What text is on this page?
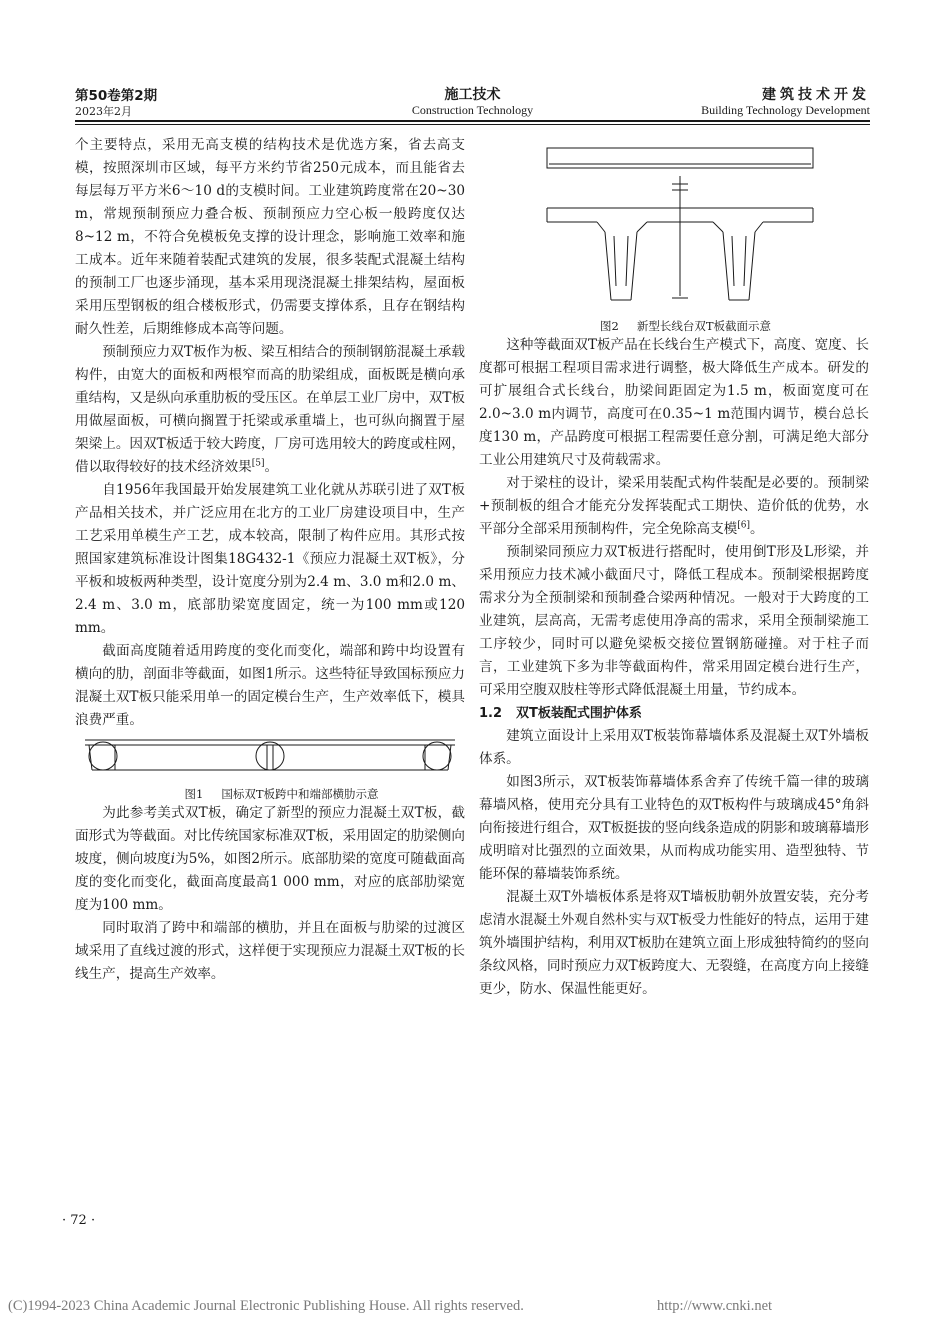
第50卷第2期
2023年2月
施工技术
Construction Technology
建筑技术开发
Building Technology Development

个主要特点，采用无高支模的结构技术是优选方案，省去高支模，按照深圳市区域，每平方米约节省250元成本，而且能省去每层每万平方米6～10 d的支模时间。工业建筑跨度常在20~30 m，常规预制预应力叠合板、预制预应力空心板一般跨度仅达8~12 m，不符合免模板免支撑的设计理念，影响施工效率和施工成本。近年来随着装配式建筑的发展，很多装配式混凝土结构的预制工厂也逐步涌现，基本采用现浇混凝土排架结构，屋面板采用压型钢板的组合楼板形式，仍需要支撑体系，且存在钢结构耐久性差，后期维修成本高等问题。

预制预应力双T板作为板、梁互相结合的预制钢筋混凝土承载构件，由宽大的面板和两根窄而高的肋梁组成，面板既是横向承重结构，又是纵向承重肋板的受压区。在单层工业厂房中，双T板用做屋面板，可横向搁置于托梁或承重墙上，也可纵向搁置于屋架梁上。因双T板适于较大跨度，厂房可选用较大的跨度或柱网，借以取得较好的技术经济效果[5]。

自1956年我国最开始发展建筑工业化就从苏联引进了双T板产品相关技术，并广泛应用在北方的工业厂房建设项目中，生产工艺采用单模生产工艺，成本较高，限制了构件应用。其形式按照国家建筑标准设计图集18G432-1《预应力混凝土双T板》，分平板和坡板两种类型，设计宽度分别为2.4 m、3.0 m和2.0 m、2.4 m、3.0 m，底部肋梁宽度固定，统一为100 mm或120 mm。

截面高度随着适用跨度的变化而变化，端部和跨中均设置有横向的肋，剖面非等截面，如图1所示。这些特征导致国标预应力混凝土双T板只能采用单一的固定模台生产，生产效率低下，模具浪费严重。

图1 国标双T板跨中和端部横肋示意

为此参考美式双T板，确定了新型的预应力混凝土双T板，截面形式为等截面。对比传统国家标准双T板，采用固定的肋梁侧向坡度，侧向坡度i为5%，如图2所示。底部肋梁的宽度可随截面高度的变化而变化，截面高度最高1 000 mm，对应的底部肋梁宽度为100 mm。

同时取消了跨中和端部的横肋，并且在面板与肋梁的过渡区域采用了直线过渡的形式，这样便于实现预应力混凝土双T板的长线生产，提高生产效率。

图2 新型长线台双T板截面示意

这种等截面双T板产品在长线台生产模式下，高度、宽度、长度都可根据工程项目需求进行调整，极大降低生产成本。研发的可扩展组合式长线台，肋梁间距固定为1.5 m，板面宽度可在2.0~3.0 m内调节，高度可在0.35~1 m范围内调节，模台总长度130 m，产品跨度可根据工程需要任意分割，可满足绝大部分工业公用建筑尺寸及荷载需求。

对于梁柱的设计，梁采用装配式构件装配是必要的。预制梁+预制板的组合才能充分发挥装配式工期快、造价低的优势，水平部分全部采用预制构件，完全免除高支模[6]。

预制梁同预应力双T板进行搭配时，使用倒T形及L形梁，并采用预应力技术减小截面尺寸，降低工程成本。预制梁根据跨度需求分为全预制梁和预制叠合梁两种情况。一般对于大跨度的工业建筑，层高高，无需考虑使用净高的需求，采用全预制梁施工工序较少，同时可以避免梁板交接位置钢筋碰撞。对于柱子而言，工业建筑下多为非等截面构件，常采用固定模台进行生产，可采用空腹双肢柱等形式降低混凝土用量，节约成本。

1.2 双T板装配式围护体系

建筑立面设计上采用双T板装饰幕墙体系及混凝土双T外墙板体系。

如图3所示，双T板装饰幕墙体系舍弃了传统千篇一律的玻璃幕墙风格，使用充分具有工业特色的双T板构件与玻璃成45°角斜向衔接进行组合，双T板挺拔的竖向线条造成的阴影和玻璃幕墙形成明暗对比强烈的立面效果，从而构成功能实用、造型独特、节能环保的幕墙装饰系统。

混凝土双T外墙板体系是将双T墙板肋朝外放置安装，充分考虑清水混凝土外观自然朴实与双T板受力性能好的特点，运用于建筑外墙围护结构，利用双T板肋在建筑立面上形成独特简约的竖向条纹风格，同时预应力双T板跨度大、无裂缝，在高度方向上接缝更少，防水、保温性能更好。

· 72 ·
(C)1994-2023 China Academic Journal Electronic Publishing House. All rights reserved.	http://www.cnki.net
